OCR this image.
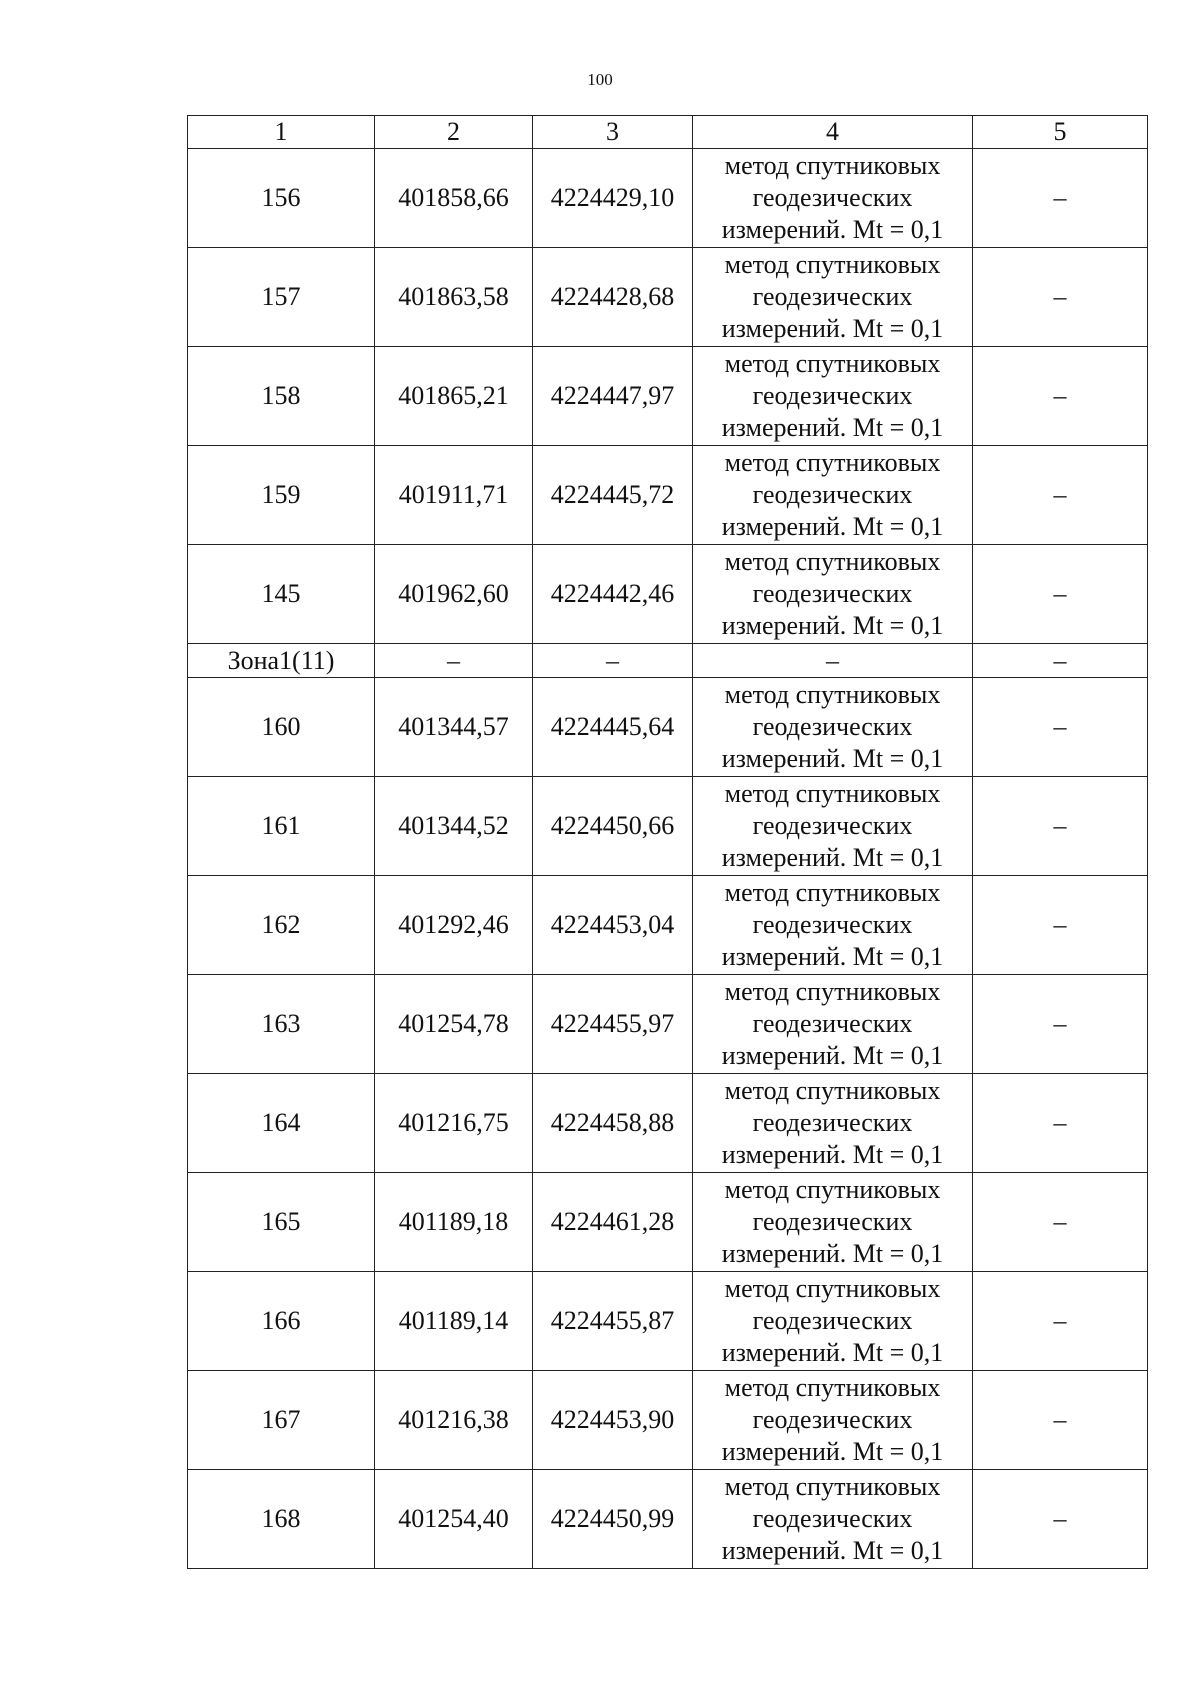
100
1	2	3	4	5
156	401858,66	4224429,10	метод спутниковых
геодезических
измерений. Mt = 0,1	–
157	401863,58	4224428,68	метод спутниковых
геодезических
измерений. Mt = 0,1	–
158	401865,21	4224447,97	метод спутниковых
геодезических
измерений. Mt = 0,1	–
159	401911,71	4224445,72	метод спутниковых
геодезических
измерений. Mt = 0,1	–
145	401962,60	4224442,46	метод спутниковых
геодезических
измерений. Mt = 0,1	–
Зона1(11)	–	–	–	–
160	401344,57	4224445,64	метод спутниковых
геодезических
измерений. Mt = 0,1	–
161	401344,52	4224450,66	метод спутниковых
геодезических
измерений. Mt = 0,1	–
162	401292,46	4224453,04	метод спутниковых
геодезических
измерений. Mt = 0,1	–
163	401254,78	4224455,97	метод спутниковых
геодезических
измерений. Mt = 0,1	–
164	401216,75	4224458,88	метод спутниковых
геодезических
измерений. Mt = 0,1	–
165	401189,18	4224461,28	метод спутниковых
геодезических
измерений. Mt = 0,1	–
166	401189,14	4224455,87	метод спутниковых
геодезических
измерений. Mt = 0,1	–
167	401216,38	4224453,90	метод спутниковых
геодезических
измерений. Mt = 0,1	–
168	401254,40	4224450,99	метод спутниковых
геодезических
измерений. Mt = 0,1	–
